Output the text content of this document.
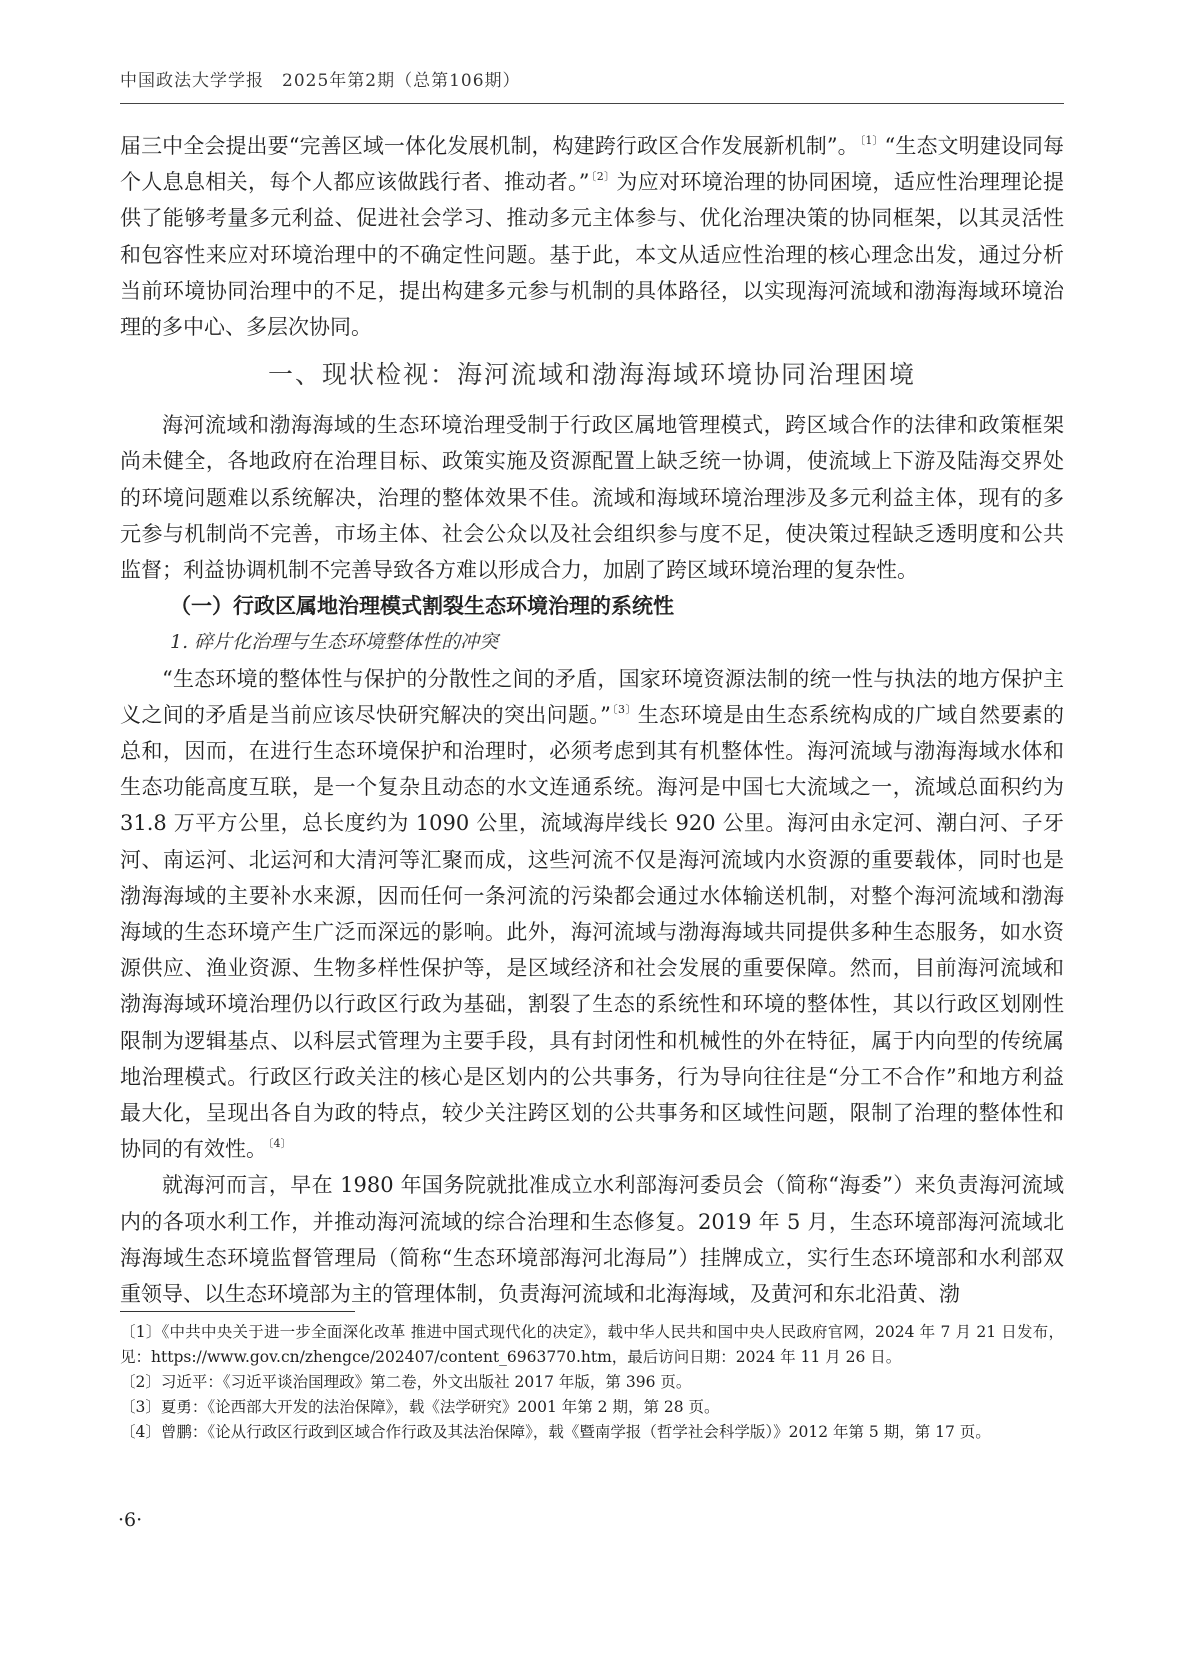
中国政法大学学报　2025年第2期（总第106期）

届三中全会提出要“完善区域一体化发展机制，构建跨行政区合作发展新机制”。$^{〔1〕}$“生态文明建设同每个人息息相关，每个人都应该做践行者、推动者。”$^{〔2〕}$为应对环境治理的协同困境，适应性治理理论提供了能够考量多元利益、促进社会学习、推动多元主体参与、优化治理决策的协同框架，以其灵活性和包容性来应对环境治理中的不确定性问题。基于此，本文从适应性治理的核心理念出发，通过分析当前环境协同治理中的不足，提出构建多元参与机制的具体路径，以实现海河流域和渤海海域环境治理的多中心、多层次协同。

一、现状检视：海河流域和渤海海域环境协同治理困境

海河流域和渤海海域的生态环境治理受制于行政区属地管理模式，跨区域合作的法律和政策框架尚未健全，各地政府在治理目标、政策实施及资源配置上缺乏统一协调，使流域上下游及陆海交界处的环境问题难以系统解决，治理的整体效果不佳。流域和海域环境治理涉及多元利益主体，现有的多元参与机制尚不完善，市场主体、社会公众以及社会组织参与度不足，使决策过程缺乏透明度和公共监督；利益协调机制不完善导致各方难以形成合力，加剧了跨区域环境治理的复杂性。

（一）行政区属地治理模式割裂生态环境治理的系统性

1. 碎片化治理与生态环境整体性的冲突

“生态环境的整体性与保护的分散性之间的矛盾，国家环境资源法制的统一性与执法的地方保护主义之间的矛盾是当前应该尽快研究解决的突出问题。”$^{〔3〕}$生态环境是由生态系统构成的广域自然要素的总和，因而，在进行生态环境保护和治理时，必须考虑到其有机整体性。海河流域与渤海海域水体和生态功能高度互联，是一个复杂且动态的水文连通系统。海河是中国七大流域之一，流域总面积约为 31.8 万平方公里，总长度约为 1090 公里，流域海岸线长 920 公里。海河由永定河、潮白河、子牙河、南运河、北运河和大清河等汇聚而成，这些河流不仅是海河流域内水资源的重要载体，同时也是渤海海域的主要补水来源，因而任何一条河流的污染都会通过水体输送机制，对整个海河流域和渤海海域的生态环境产生广泛而深远的影响。此外，海河流域与渤海海域共同提供多种生态服务，如水资源供应、渔业资源、生物多样性保护等，是区域经济和社会发展的重要保障。然而，目前海河流域和渤海海域环境治理仍以行政区行政为基础，割裂了生态的系统性和环境的整体性，其以行政区划刚性限制为逻辑基点、以科层式管理为主要手段，具有封闭性和机械性的外在特征，属于内向型的传统属地治理模式。行政区行政关注的核心是区划内的公共事务，行为导向往往是“分工不合作”和地方利益最大化，呈现出各自为政的特点，较少关注跨区划的公共事务和区域性问题，限制了治理的整体性和协同的有效性。$^{〔4〕}$

就海河而言，早在 1980 年国务院就批准成立水利部海河委员会（简称“海委”）来负责海河流域内的各项水利工作，并推动海河流域的综合治理和生态修复。2019 年 5 月，生态环境部海河流域北海海域生态环境监督管理局（简称“生态环境部海河北海局”）挂牌成立，实行生态环境部和水利部双重领导、以生态环境部为主的管理体制，负责海河流域和北海海域，及黄河和东北沿黄、渤

〔1〕《中共中央关于进一步全面深化改革 推进中国式现代化的决定》，载中华人民共和国中央人民政府官网，2024 年 7 月 21 日发布，见：https://www.gov.cn/zhengce/202407/content_6963770.htm，最后访问日期：2024 年 11 月 26 日。

〔2〕习近平：《习近平谈治国理政》第二卷，外文出版社 2017 年版，第 396 页。

〔3〕夏勇：《论西部大开发的法治保障》，载《法学研究》2001 年第 2 期，第 28 页。

〔4〕曾鹏：《论从行政区行政到区域合作行政及其法治保障》，载《暨南学报（哲学社会科学版）》2012 年第 5 期，第 17 页。

·6·
